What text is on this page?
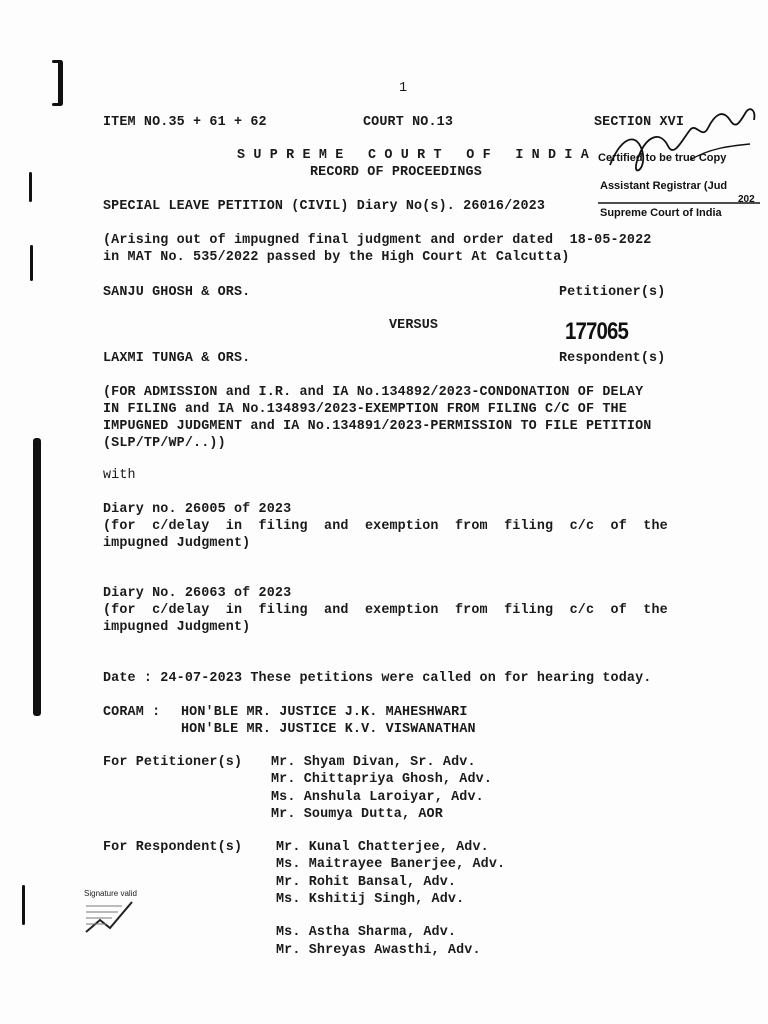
1
ITEM NO.35 + 61 + 62	COURT NO.13	SECTION XVI
S U P R E M E   C O U R T   O F   I N D I A
RECORD OF PROCEEDINGS
SPECIAL LEAVE PETITION (CIVIL) Diary No(s). 26016/2023
(Arising out of impugned final judgment and order dated  18-05-2022
in MAT No. 535/2022 passed by the High Court At Calcutta)
SANJU GHOSH & ORS.	Petitioner(s)
VERSUS	177065
LAXMI TUNGA & ORS.	Respondent(s)
(FOR ADMISSION and I.R. and IA No.134892/2023-CONDONATION OF DELAY
IN FILING and IA No.134893/2023-EXEMPTION FROM FILING C/C OF THE
IMPUGNED JUDGMENT and IA No.134891/2023-PERMISSION TO FILE PETITION
(SLP/TP/WP/..))
with
Diary no. 26005 of 2023
(for  c/delay  in  filing  and  exemption  from  filing  c/c  of  the
impugned Judgment)
Diary No. 26063 of 2023
(for  c/delay  in  filing  and  exemption  from  filing  c/c  of  the
impugned Judgment)
Date : 24-07-2023 These petitions were called on for hearing today.
CORAM : HON'BLE MR. JUSTICE J.K. MAHESHWARI
HON'BLE MR. JUSTICE K.V. VISWANATHAN
For Petitioner(s) Mr. Shyam Divan, Sr. Adv.
Mr. Chittapriya Ghosh, Adv.
Ms. Anshula Laroiyar, Adv.
Mr. Soumya Dutta, AOR
For Respondent(s)	Mr. Kunal Chatterjee, Adv.
Ms. Maitrayee Banerjee, Adv.
Mr. Rohit Bansal, Adv.
Ms. Kshitij Singh, Adv.
Ms. Astha Sharma, Adv.
Mr. Shreyas Awasthi, Adv.
Certified to be true Copy
Assistant Registrar (Jud
202
Supreme Court of India
Signature valid
